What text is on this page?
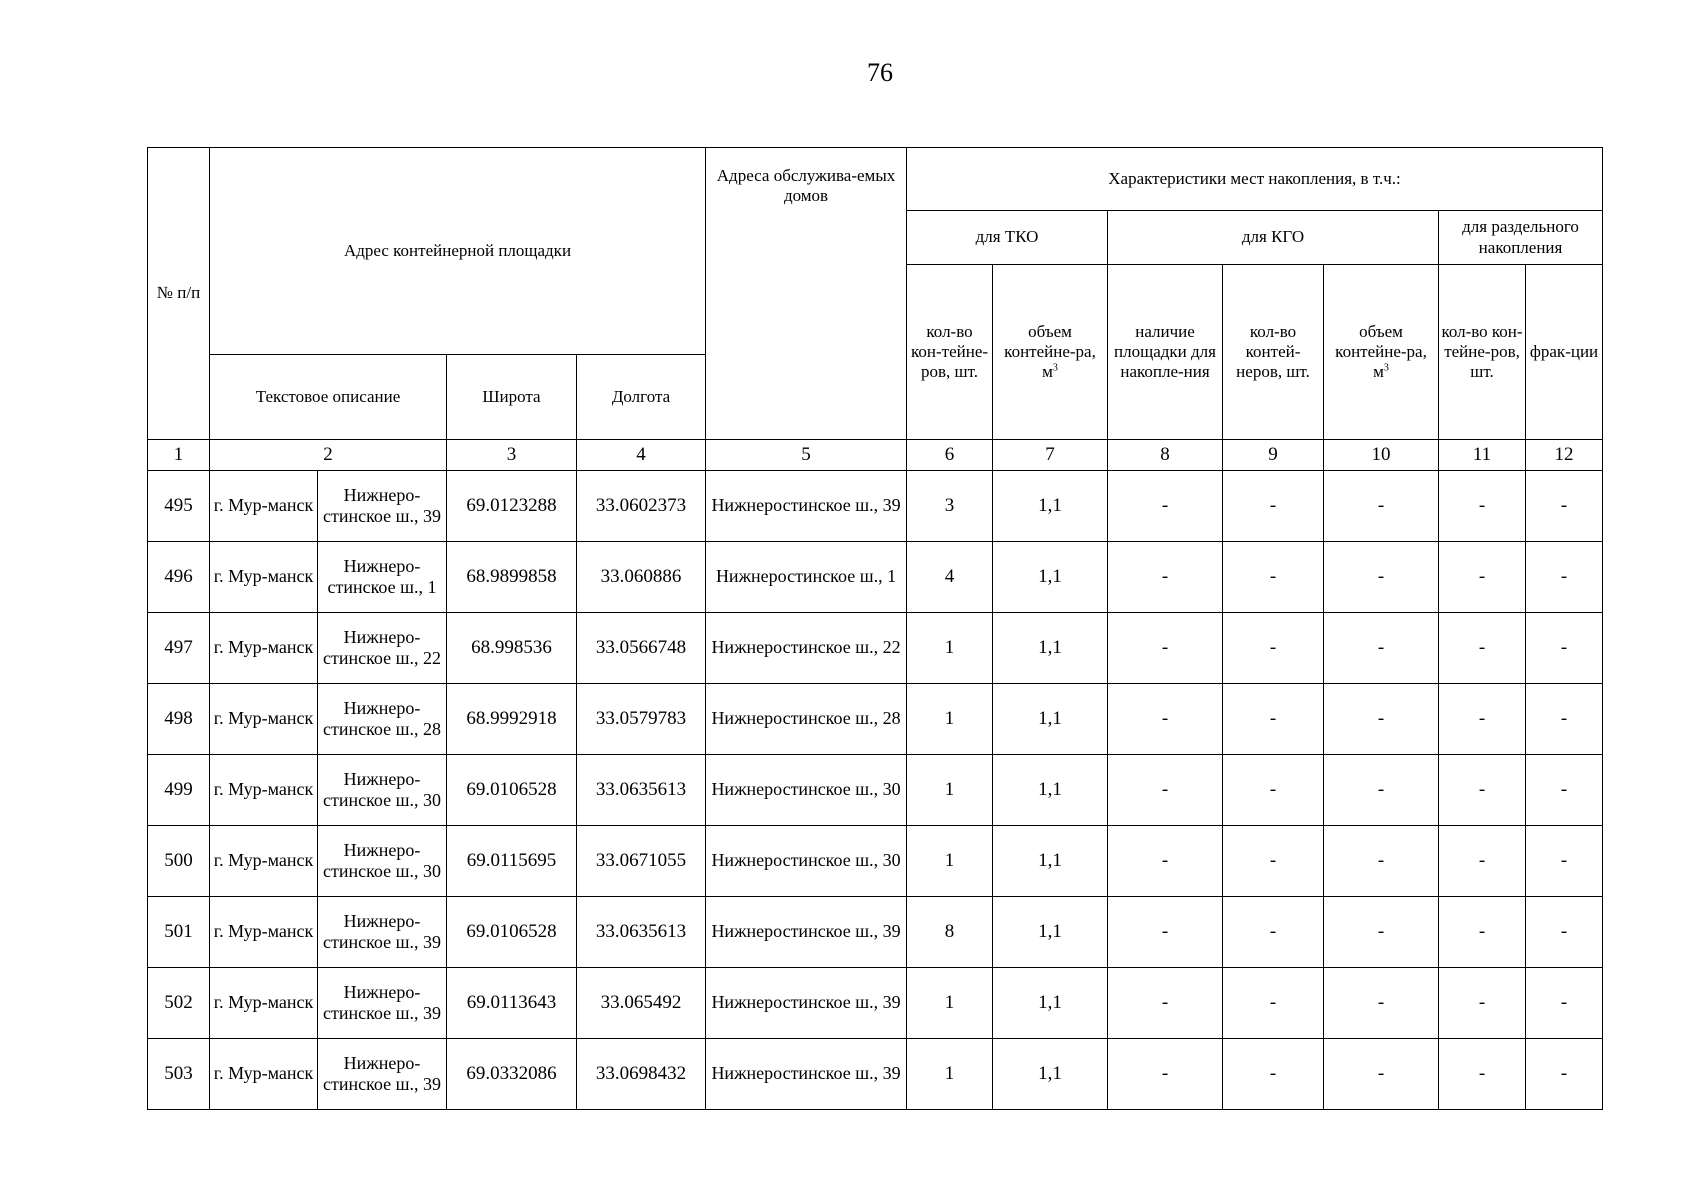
76
№ п/п	Адрес контейнерной площадки				Адреса обслужива-емых домов	Характеристики мест накопления, в т.ч.:						
						для ТКО		для КГО			для раздельного накопления	
						кол-во кон-тейне-ров, шт.	объем контейне-ра, $м^3$	наличие площадки для накопле-ния	кол-во контей-неров, шт.	объем контейне-ра, $м^3$	кол-во кон-тейне-ров, шт.	фрак-ции
	Текстовое описание		Широта	Долгота								
1	2		3	4	5	6	7	8	9	10	11	12
495	г. Мур-манск	Нижнеро-стинское ш., 39	69.0123288	33.0602373	Нижнеростинское ш., 39	3	1,1	-	-	-	-	-
496	г. Мур-манск	Нижнеро-стинское ш., 1	68.9899858	33.060886	Нижнеростинское ш., 1	4	1,1	-	-	-	-	-
497	г. Мур-манск	Нижнеро-стинское ш., 22	68.998536	33.0566748	Нижнеростинское ш., 22	1	1,1	-	-	-	-	-
498	г. Мур-манск	Нижнеро-стинское ш., 28	68.9992918	33.0579783	Нижнеростинское ш., 28	1	1,1	-	-	-	-	-
499	г. Мур-манск	Нижнеро-стинское ш., 30	69.0106528	33.0635613	Нижнеростинское ш., 30	1	1,1	-	-	-	-	-
500	г. Мур-манск	Нижнеро-стинское ш., 30	69.0115695	33.0671055	Нижнеростинское ш., 30	1	1,1	-	-	-	-	-
501	г. Мур-манск	Нижнеро-стинское ш., 39	69.0106528	33.0635613	Нижнеростинское ш., 39	8	1,1	-	-	-	-	-
502	г. Мур-манск	Нижнеро-стинское ш., 39	69.0113643	33.065492	Нижнеростинское ш., 39	1	1,1	-	-	-	-	-
503	г. Мур-манск	Нижнеро-стинское ш., 39	69.0332086	33.0698432	Нижнеростинское ш., 39	1	1,1	-	-	-	-	-
